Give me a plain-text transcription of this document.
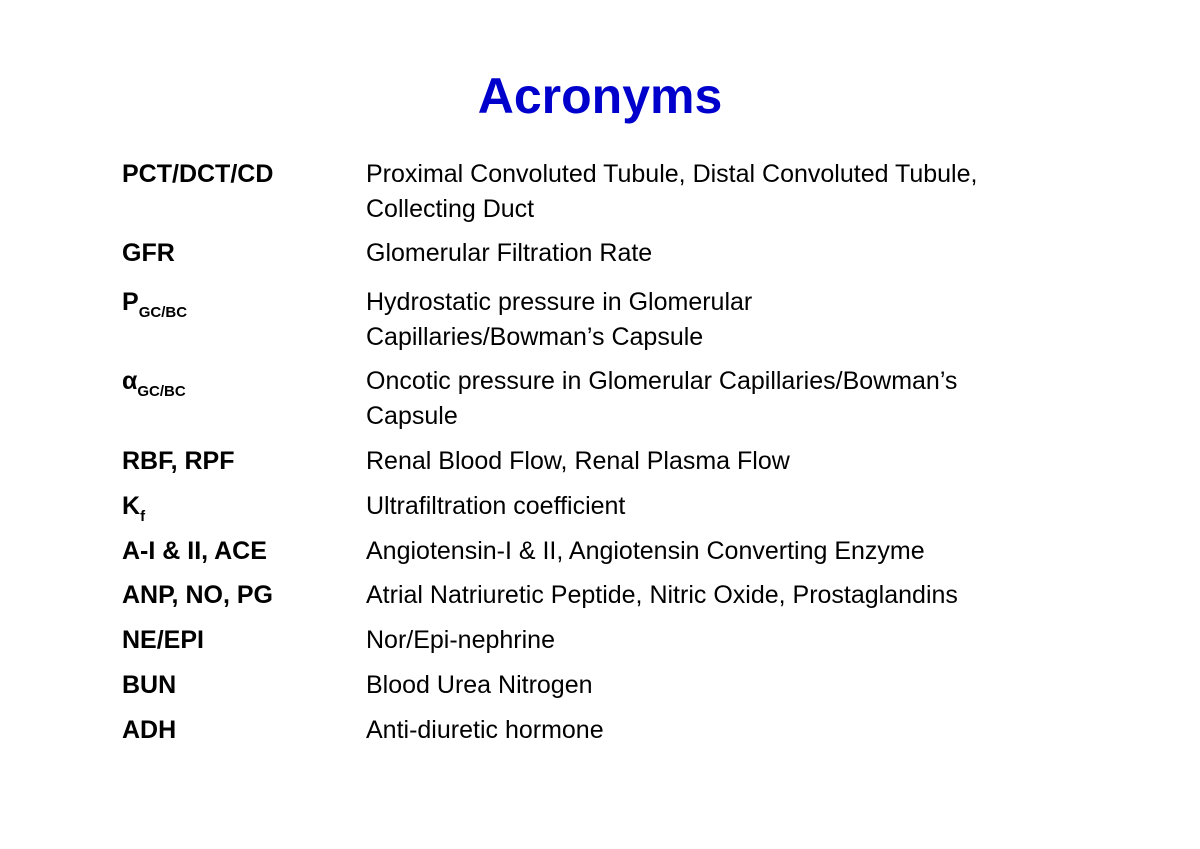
Acronyms
PCT/DCT/CD	Proximal Convoluted Tubule, Distal Convoluted Tubule,
Collecting Duct
GFR	Glomerular Filtration Rate
$P_{GC/BC}$	Hydrostatic pressure in Glomerular
Capillaries/Bowman’s Capsule
$\alpha_{GC/BC}$	Oncotic pressure in Glomerular Capillaries/Bowman’s
Capsule
RBF, RPF	Renal Blood Flow, Renal Plasma Flow
$K_f$	Ultrafiltration coefficient
A-I & II, ACE	Angiotensin-I & II, Angiotensin Converting Enzyme
ANP, NO, PG	Atrial Natriuretic Peptide, Nitric Oxide, Prostaglandins
NE/EPI	Nor/Epi-nephrine
BUN	Blood Urea Nitrogen
ADH	Anti-diuretic hormone
